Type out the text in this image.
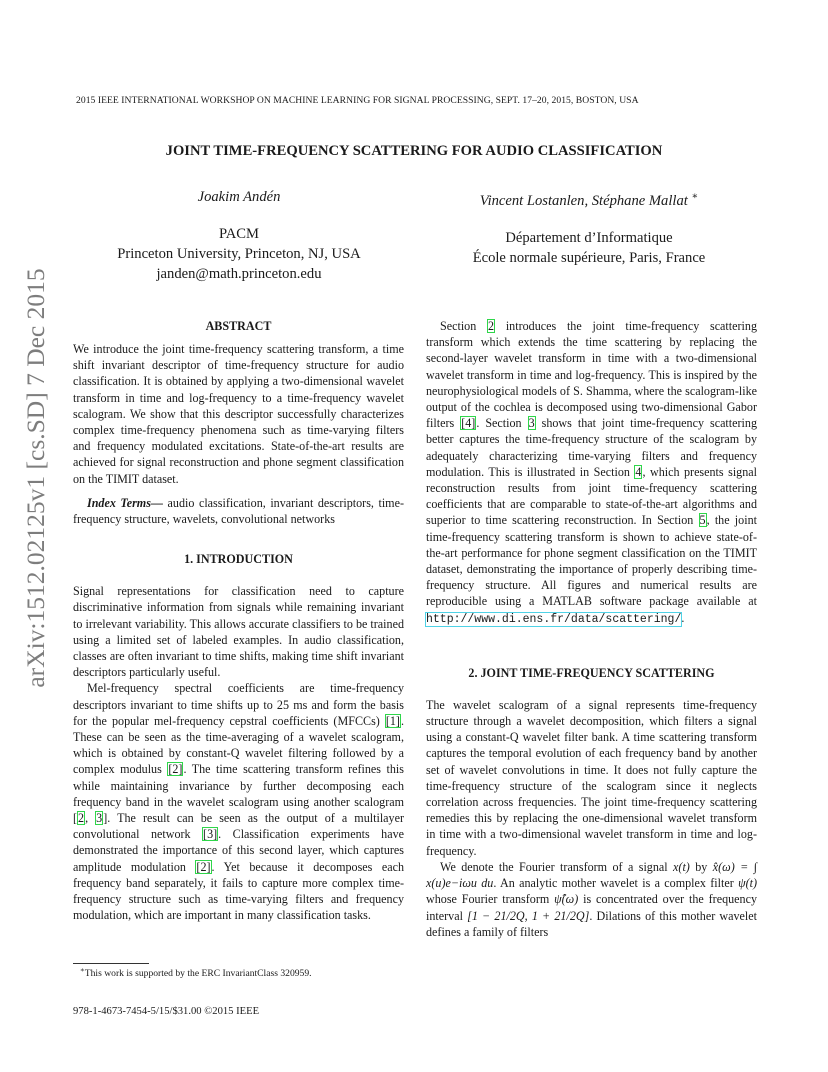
2015 IEEE INTERNATIONAL WORKSHOP ON MACHINE LEARNING FOR SIGNAL PROCESSING, SEPT. 17–20, 2015, BOSTON, USA
arXiv:1512.02125v1 [cs.SD] 7 Dec 2015
JOINT TIME-FREQUENCY SCATTERING FOR AUDIO CLASSIFICATION
Joakim Andén
PACM
Princeton University, Princeton, NJ, USA
janden@math.princeton.edu
Vincent Lostanlen, Stéphane Mallat ∗
Département d’Informatique
École normale supérieure, Paris, France
ABSTRACT

We introduce the joint time-frequency scattering transform, a time shift invariant descriptor of time-frequency structure for audio classification. It is obtained by applying a two-dimensional wavelet transform in time and log-frequency to a time-frequency wavelet scalogram. We show that this descriptor successfully characterizes complex time-frequency phenomena such as time-varying filters and frequency modulated excitations. State-of-the-art results are achieved for signal reconstruction and phone segment classification on the TIMIT dataset.

Index Terms— audio classification, invariant descriptors, time-frequency structure, wavelets, convolutional networks

1. INTRODUCTION

Signal representations for classification need to capture discriminative information from signals while remaining invariant to irrelevant variability. This allows accurate classifiers to be trained using a limited set of labeled examples. In audio classification, classes are often invariant to time shifts, making time shift invariant descriptors particularly useful.

Mel-frequency spectral coefficients are time-frequency descriptors invariant to time shifts up to 25 ms and form the basis for the popular mel-frequency cepstral coefficients (MFCCs) [1]. These can be seen as the time-averaging of a wavelet scalogram, which is obtained by constant-Q wavelet filtering followed by a complex modulus [2]. The time scattering transform refines this while maintaining invariance by further decomposing each frequency band in the wavelet scalogram using another scalogram [2, 3]. The result can be seen as the output of a multilayer convolutional network [3]. Classification experiments have demonstrated the importance of this second layer, which captures amplitude modulation [2]. Yet because it decomposes each frequency band separately, it fails to capture more complex time-frequency structure such as time-varying filters and frequency modulation, which are important in many classification tasks.

Section 2 introduces the joint time-frequency scattering transform which extends the time scattering by replacing the second-layer wavelet transform in time with a two-dimensional wavelet transform in time and log-frequency. This is inspired by the neurophysiological models of S. Shamma, where the scalogram-like output of the cochlea is decomposed using two-dimensional Gabor filters [4]. Section 3 shows that joint time-frequency scattering better captures the time-frequency structure of the scalogram by adequately characterizing time-varying filters and frequency modulation. This is illustrated in Section 4, which presents signal reconstruction results from joint time-frequency scattering coefficients that are comparable to state-of-the-art algorithms and superior to time scattering reconstruction. In Section 5, the joint time-frequency scattering transform is shown to achieve state-of-the-art performance for phone segment classification on the TIMIT dataset, demonstrating the importance of properly describing time-frequency structure. All figures and numerical results are reproducible using a MATLAB software package available at http://www.di.ens.fr/data/scattering/.

2. JOINT TIME-FREQUENCY SCATTERING

The wavelet scalogram of a signal represents time-frequency structure through a wavelet decomposition, which filters a signal using a constant-Q wavelet filter bank. A time scattering transform captures the temporal evolution of each frequency band by another set of wavelet convolutions in time. It does not fully capture the time-frequency structure of the scalogram since it neglects correlation across frequencies. The joint time-frequency scattering remedies this by replacing the one-dimensional wavelet transform in time with a two-dimensional wavelet transform in time and log-frequency.

We denote the Fourier transform of a signal x(t) by x̂(ω) = ∫ x(u)e−iωu du. An analytic mother wavelet is a complex filter ψ(t) whose Fourier transform ψ̂(ω) is concentrated over the frequency interval [1 − 21/2Q, 1 + 21/2Q]. Dilations of this mother wavelet defines a family of filters

∗This work is supported by the ERC InvariantClass 320959.
978-1-4673-7454-5/15/$31.00 ©2015 IEEE
